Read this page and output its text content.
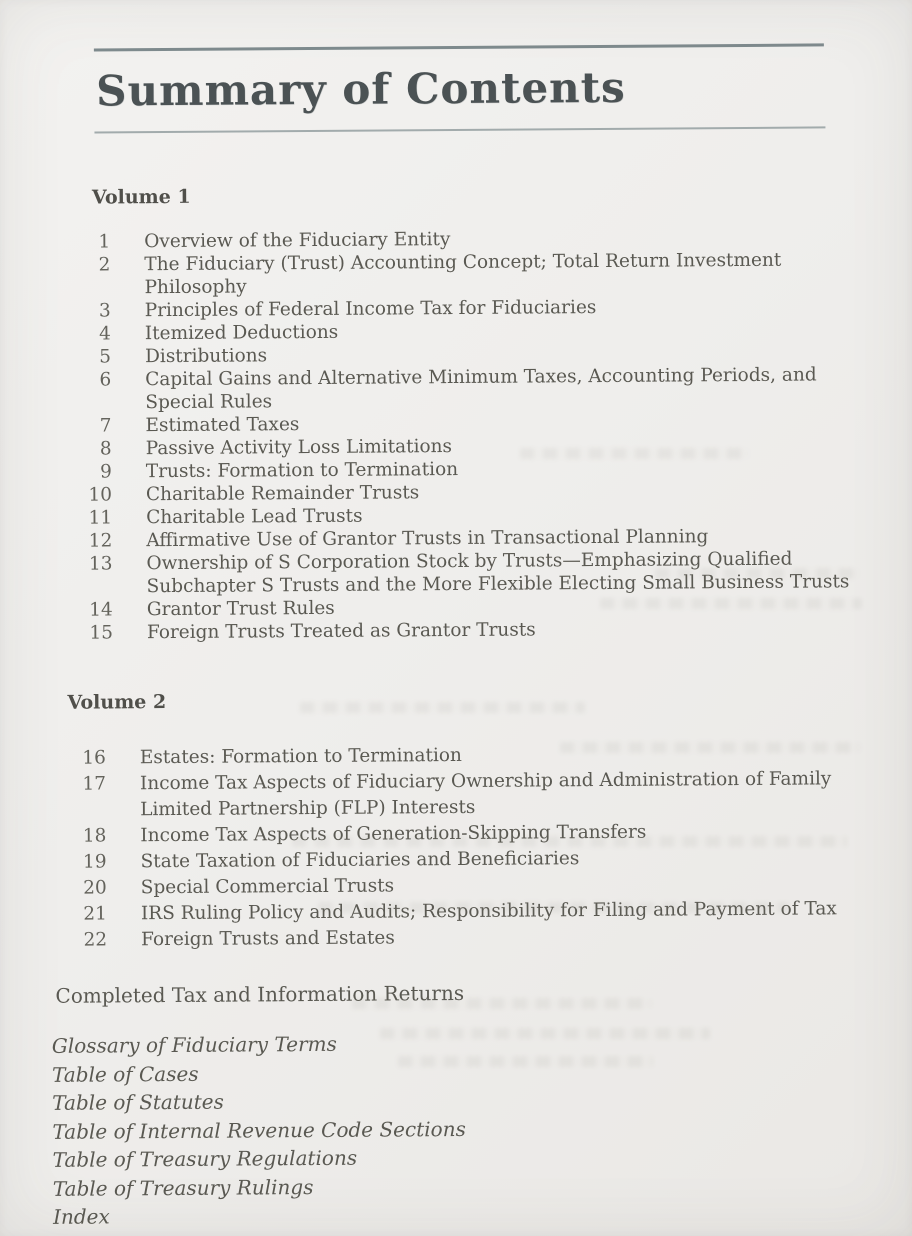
Summary of Contents
Volume 1
1 Overview of the Fiduciary Entity
2 The Fiduciary (Trust) Accounting Concept; Total Return Investment
Philosophy
3 Principles of Federal Income Tax for Fiduciaries
4 Itemized Deductions
5 Distributions
6 Capital Gains and Alternative Minimum Taxes, Accounting Periods, and
Special Rules
7 Estimated Taxes
8 Passive Activity Loss Limitations
9 Trusts: Formation to Termination
10 Charitable Remainder Trusts
11 Charitable Lead Trusts
12 Affirmative Use of Grantor Trusts in Transactional Planning
13 Ownership of S Corporation Stock by Trusts—Emphasizing Qualified
Subchapter S Trusts and the More Flexible Electing Small Business Trusts
14 Grantor Trust Rules
15 Foreign Trusts Treated as Grantor Trusts
Volume 2
16 Estates: Formation to Termination
17 Income Tax Aspects of Fiduciary Ownership and Administration of Family
Limited Partnership (FLP) Interests
18 Income Tax Aspects of Generation-Skipping Transfers
19 State Taxation of Fiduciaries and Beneficiaries
20 Special Commercial Trusts
21 IRS Ruling Policy and Audits; Responsibility for Filing and Payment of Tax
22 Foreign Trusts and Estates

Completed Tax and Information Returns

Glossary of Fiduciary Terms
Table of Cases
Table of Statutes
Table of Internal Revenue Code Sections
Table of Treasury Regulations
Table of Treasury Rulings
Index
